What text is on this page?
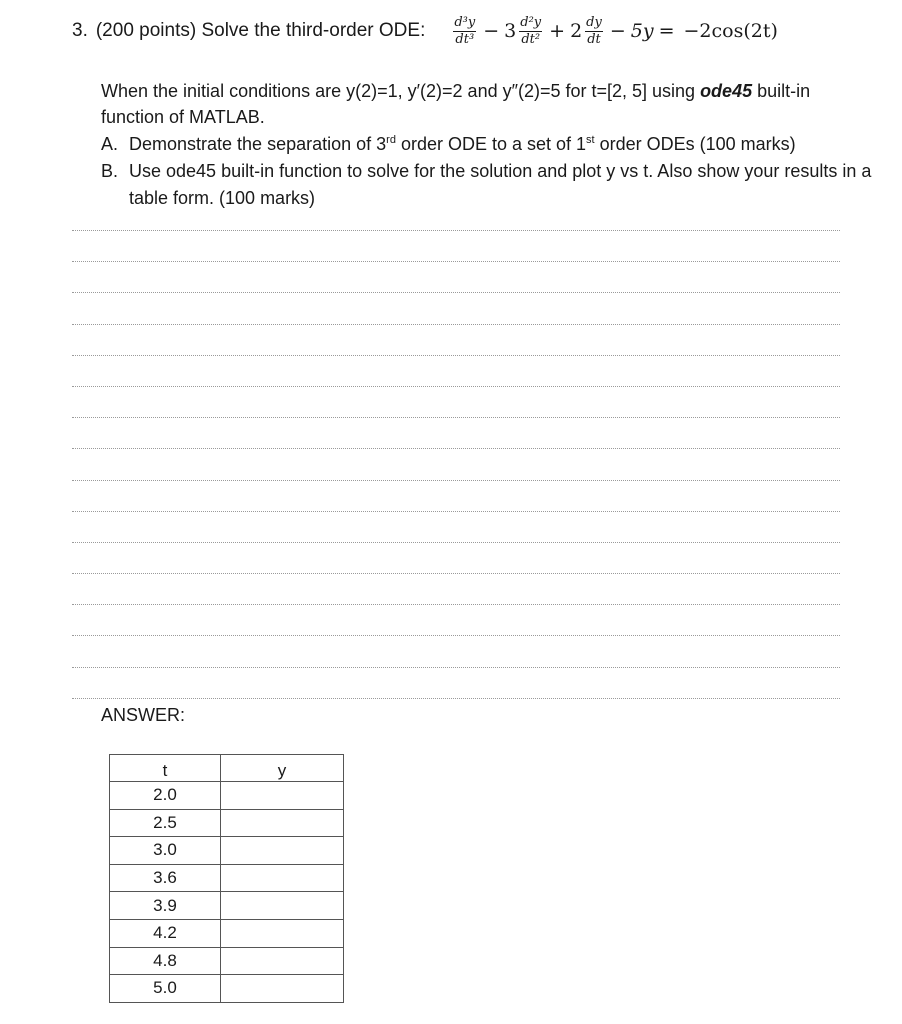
3. (200 points) Solve the third-order ODE: $\frac{\text{d³y}}{\text{dt³}} - 3 \frac{\text{d²y}}{\text{dt²}} + 2 \frac{dy}{dt} - 5y = -2\cos(2t)$
When the initial conditions are y(2)=1, y′(2)=2 and y″(2)=5 for t=[2, 5] using ode45 built-in function of MATLAB.
A. Demonstrate the separation of 3rd order ODE to a set of 1st order ODEs (100 marks)
B. Use ode45 built-in function to solve for the solution and plot y vs t. Also show your results in a table form. (100 marks)
ANSWER:
t	y
2.0	
2.5	
3.0	
3.6	
3.9	
4.2	
4.8	
5.0	
